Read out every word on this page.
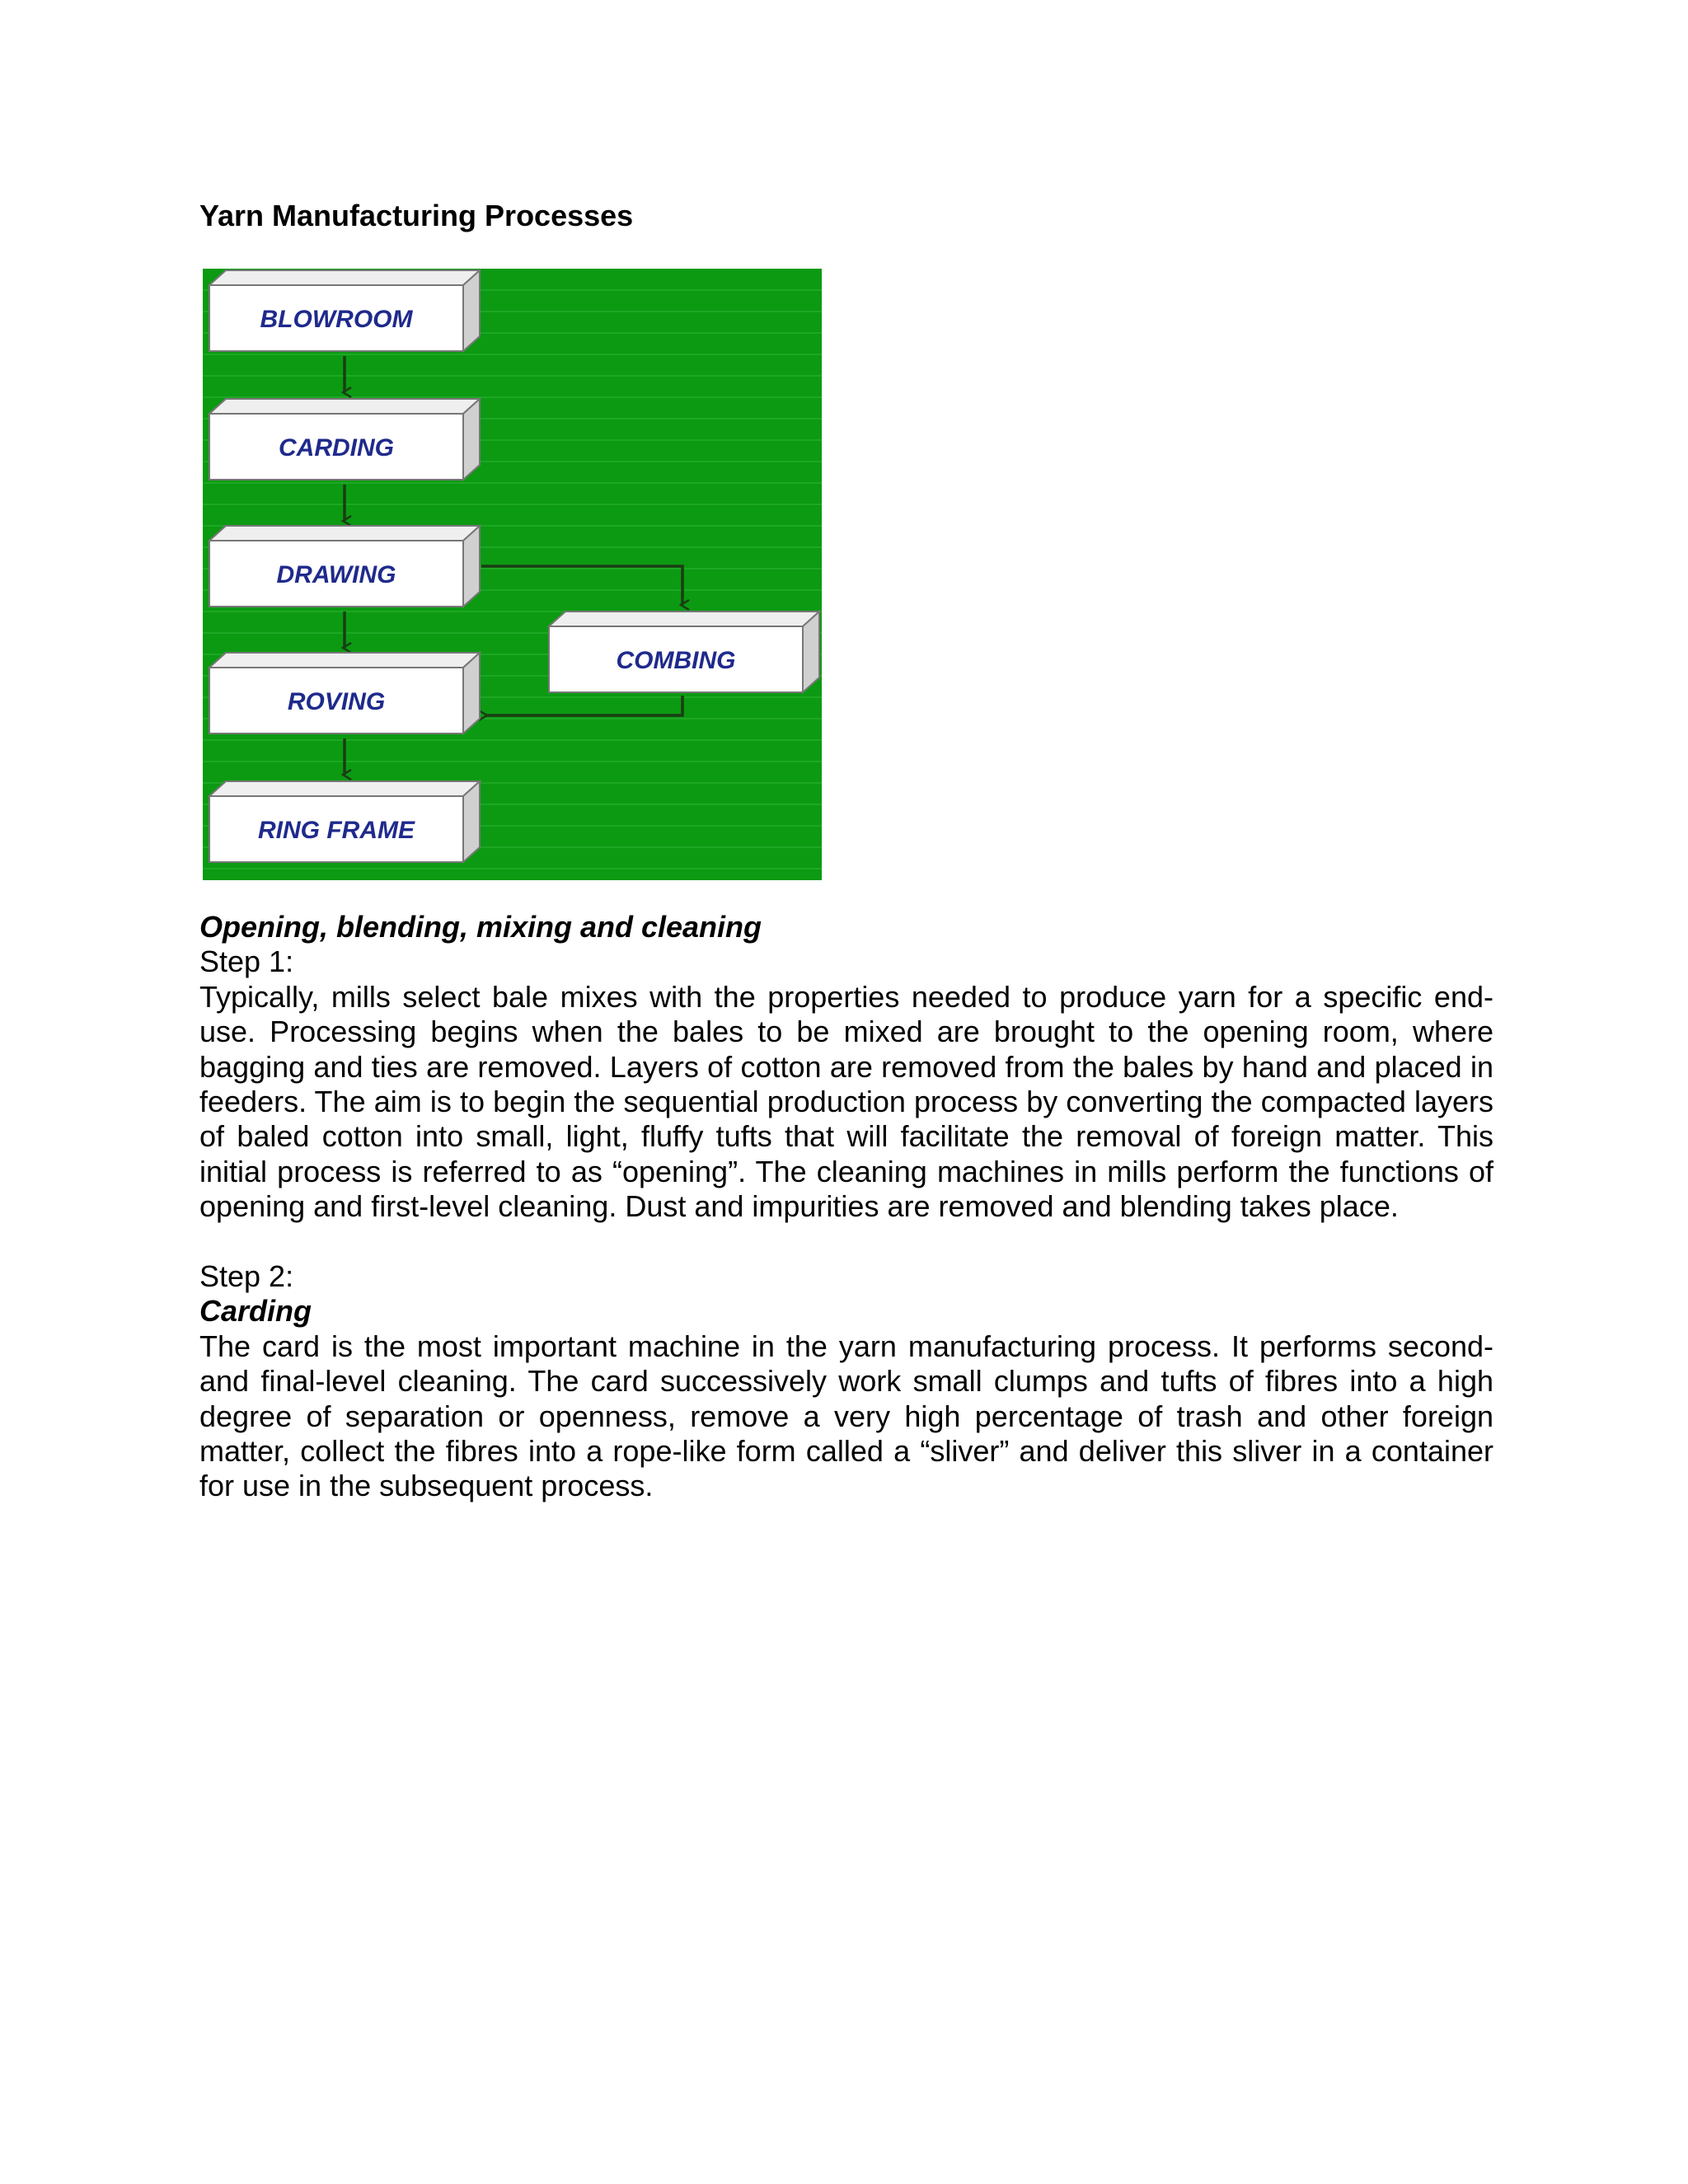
Yarn Manufacturing Processes
BLOWROOM
CARDING
DRAWING
ROVING
RING FRAME
COMBING
Opening, blending, mixing and cleaning
Step 1:

Typically, mills select bale mixes with the properties needed to produce yarn for a specific end-use. Processing begins when the bales to be mixed are brought to the opening room, where bagging and ties are removed. Layers of cotton are removed from the bales by hand and placed in feeders. The aim is to begin the sequential production process by converting the compacted layers of baled cotton into small, light, fluffy tufts that will facilitate the removal of foreign matter. This initial process is referred to as “opening”. The cleaning machines in mills perform the functions of opening and first-level cleaning. Dust and impurities are removed and blending takes place.

Step 2:
Carding

The card is the most important machine in the yarn manufacturing process. It performs second-and final-level cleaning. The card successively work small clumps and tufts of fibres into a high degree of separation or openness, remove a very high percentage of trash and other foreign matter, collect the fibres into a rope-like form called a “sliver” and deliver this sliver in a container for use in the subsequent process.
